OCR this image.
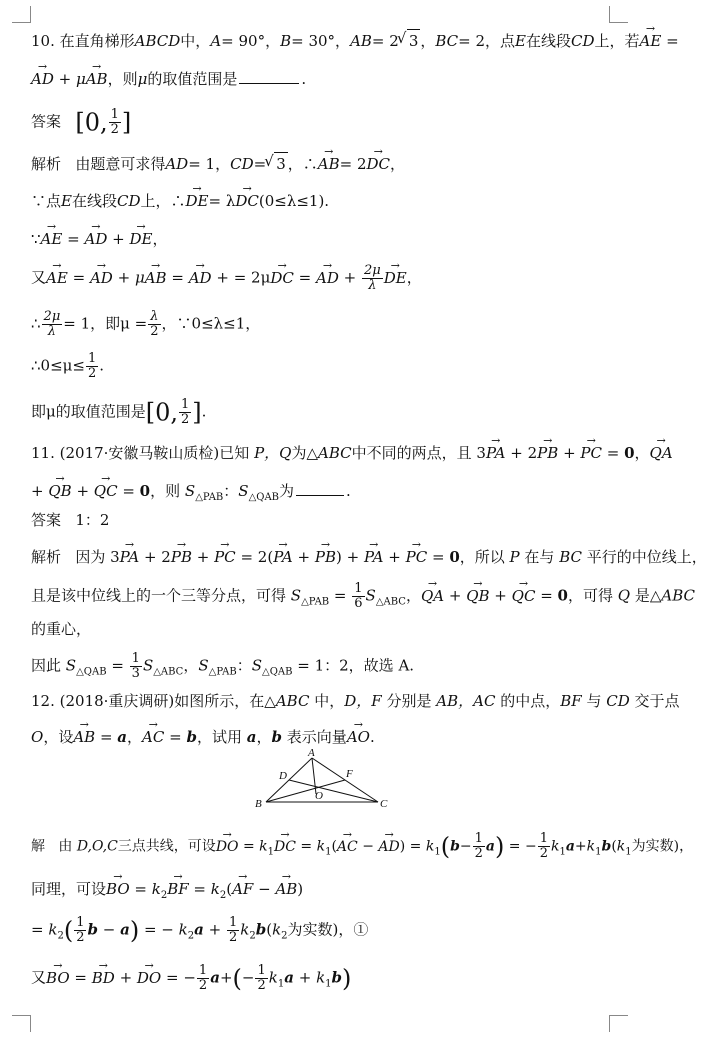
10. 在直角梯形ABCD中，A= 90°，B= 30°，AB= 2 √ 3 ，BC= 2，点E在线段CD上，若→ AE =
→ AD + μ→ AB，则μ的取值范围是	.
答案 [0, $\frac{1}{2}$ ]
解析 由题意可求得AD= 1，CD= √ 3 ，∴→ AB= 2→ DC，
∵点E在线段CD上，∴→ DE= λ→ DC(0≤λ≤1).
∵→ AE = → AD + → DE，
又→ AE = → AD + μ→ AB = → AD + = 2μ→ DC = → AD + $\frac{2\mu}{\lambda}$ → DE，
∴ $\frac{2\mu}{\lambda} = 1$，即$\mu = \frac{\lambda}{2}$ ，∵0≤λ≤1，
∴0≤μ≤ $\frac{1}{2}$ .
即μ的取值范围是[0, $\frac{1}{2}$ ].
11. (2017·安徽马鞍山质检)已知 P，Q为△ABC中不同的两点，且 3→ PA + 2→ PB + → PC = 0，→ QA
+ → QB + → QC = 0，则 $S_{\triangle PAB}$：$S_{\triangle QAB}$为	.
答案 1：2
解析 因为 3→ PA + 2→ PB + → PC = 2(→ PA + → PB) + → PA + → PC = 0，所以 P 在与 BC 平行的中位线上，
且是该中位线上的一个三等分点，可得 $S_{\triangle PAB} = \frac{1}{6} S_{\triangle ABC}$，→ QA + → QB + → QC = 0，可得 Q 是△ABC
的重心，
因此 $S_{\triangle QAB} = \frac{1}{3} S_{\triangle ABC}$，$S_{\triangle PAB}$：$S_{\triangle QAB} = 1$：2，故选 A.
12. (2018·重庆调研)如图所示，在△ABC 中，D，F 分别是 AB，AC 的中点，BF 与 CD 交于点
O，设→ AB = a，→ AC = b，试用 a，b 表示向量→ AO.
A
B	C
D	F
O
解 由 D,O,C三点共线，可设→ DO = $k_1\to$ DC = $k_1(\to$ AC − → $AD) = k_1(b- \frac{1}{2} a)$ = − $\frac{1}{2} k_1a+k_1b(k_1$为实数)，
同理，可设→ BO = $k_2\to$ BF = $k_2(\to$ AF − → AB)
= $k_2( \frac{1}{2}$ b − a) = − $k_2a + \frac{1}{2} k_2b(k_2$为实数)，①
又→ BO = → BD + → DO = − $\frac{1}{2} a+(- \frac{1}{2} k_1a + k_1b)$
